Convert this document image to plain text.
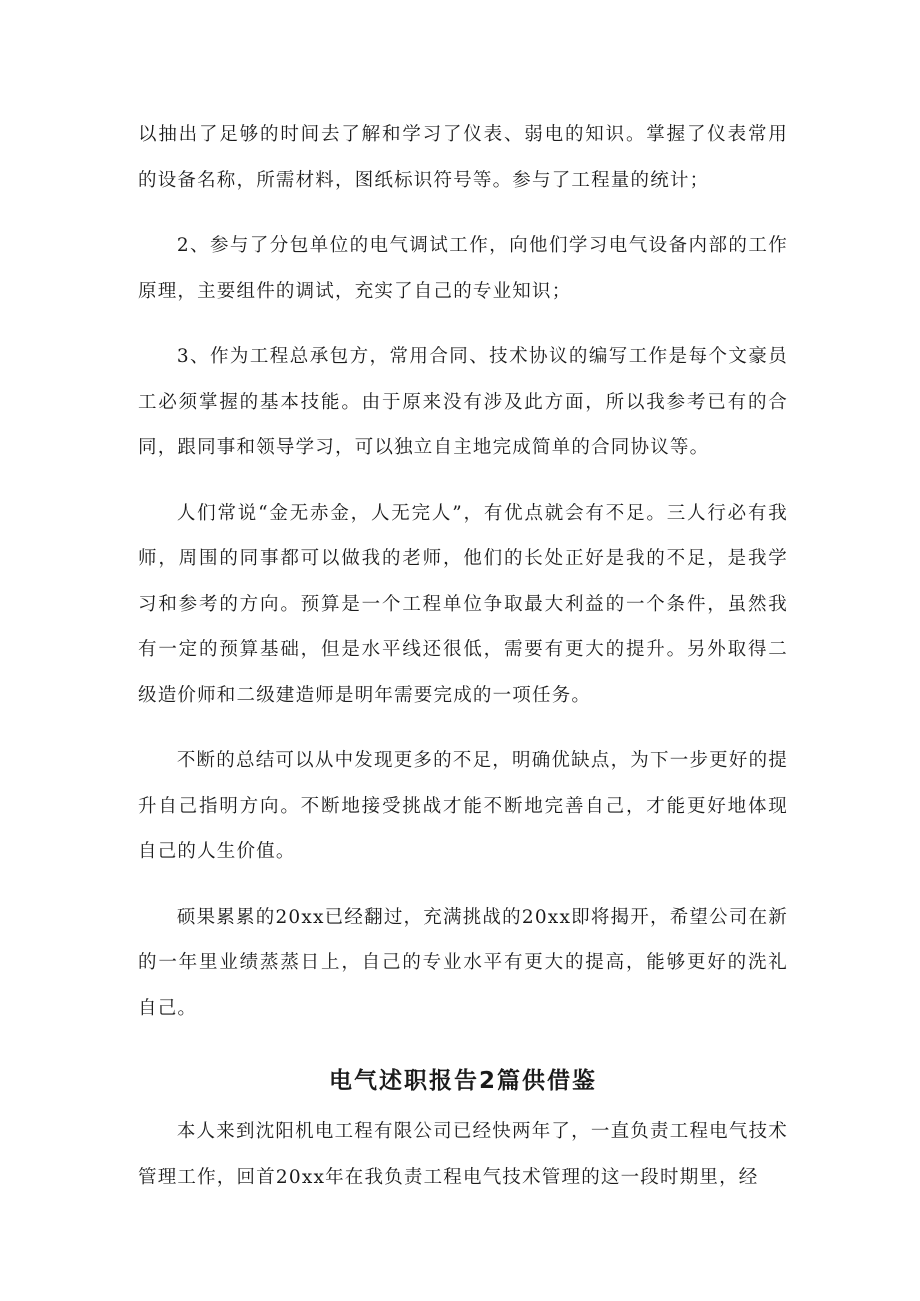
以抽出了足够的时间去了解和学习了仪表、弱电的知识。掌握了仪表常用的设备名称，所需材料，图纸标识符号等。参与了工程量的统计；

2、参与了分包单位的电气调试工作，向他们学习电气设备内部的工作原理，主要组件的调试，充实了自己的专业知识；

3、作为工程总承包方，常用合同、技术协议的编写工作是每个文豪员工必须掌握的基本技能。由于原来没有涉及此方面，所以我参考已有的合同，跟同事和领导学习，可以独立自主地完成简单的合同协议等。

人们常说“金无赤金，人无完人”，有优点就会有不足。三人行必有我师，周围的同事都可以做我的老师，他们的长处正好是我的不足，是我学习和参考的方向。预算是一个工程单位争取最大利益的一个条件，虽然我有一定的预算基础，但是水平线还很低，需要有更大的提升。另外取得二级造价师和二级建造师是明年需要完成的一项任务。

不断的总结可以从中发现更多的不足，明确优缺点，为下一步更好的提升自己指明方向。不断地接受挑战才能不断地完善自己，才能更好地体现自己的人生价值。

硕果累累的20xx已经翻过，充满挑战的20xx即将揭开，希望公司在新的一年里业绩蒸蒸日上，自己的专业水平有更大的提高，能够更好的洗礼自己。

电气述职报告2篇供借鉴

本人来到沈阳机电工程有限公司已经快两年了，一直负责工程电气技术管理工作，回首20xx年在我负责工程电气技术管理的这一段时期里，经
